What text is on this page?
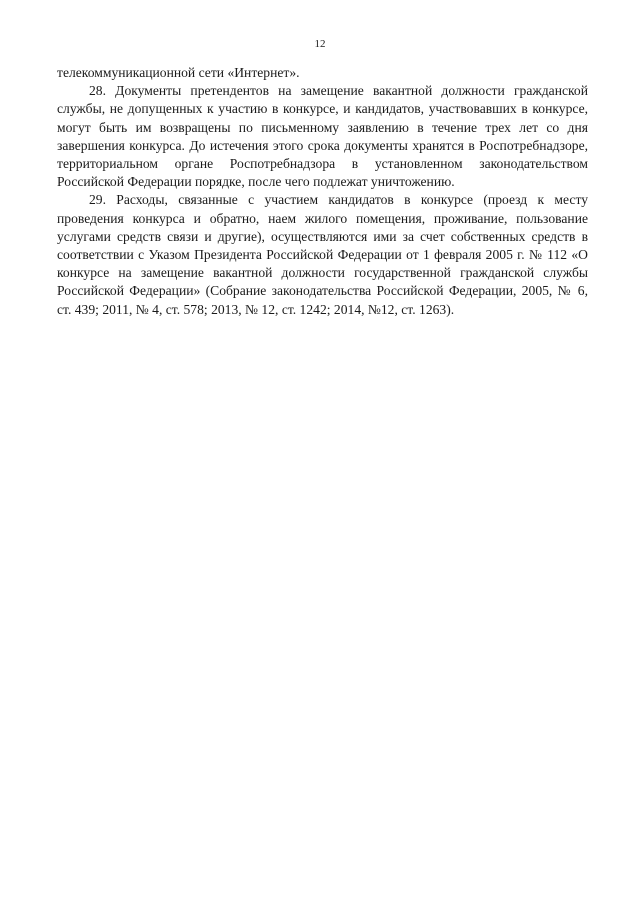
12

телекоммуникационной сети «Интернет».

28. Документы претендентов на замещение вакантной должности гражданской службы, не допущенных к участию в конкурсе, и кандидатов, участвовавших в конкурсе, могут быть им возвращены по письменному заявлению в течение трех лет со дня завершения конкурса. До истечения этого срока документы хранятся в Роспотребнадзоре, территориальном органе Роспотребнадзора в установленном законодательством Российской Федерации порядке, после чего подлежат уничтожению.

29. Расходы, связанные с участием кандидатов в конкурсе (проезд к месту проведения конкурса и обратно, наем жилого помещения, проживание, пользование услугами средств связи и другие), осуществляются ими за счет собственных средств в соответствии с Указом Президента Российской Федерации от 1 февраля 2005 г. № 112 «О конкурсе на замещение вакантной должности государственной гражданской службы Российской Федерации» (Собрание законодательства Российской Федерации, 2005, № 6, ст. 439; 2011, № 4, ст. 578; 2013, № 12, ст. 1242; 2014, №12, ст. 1263).
